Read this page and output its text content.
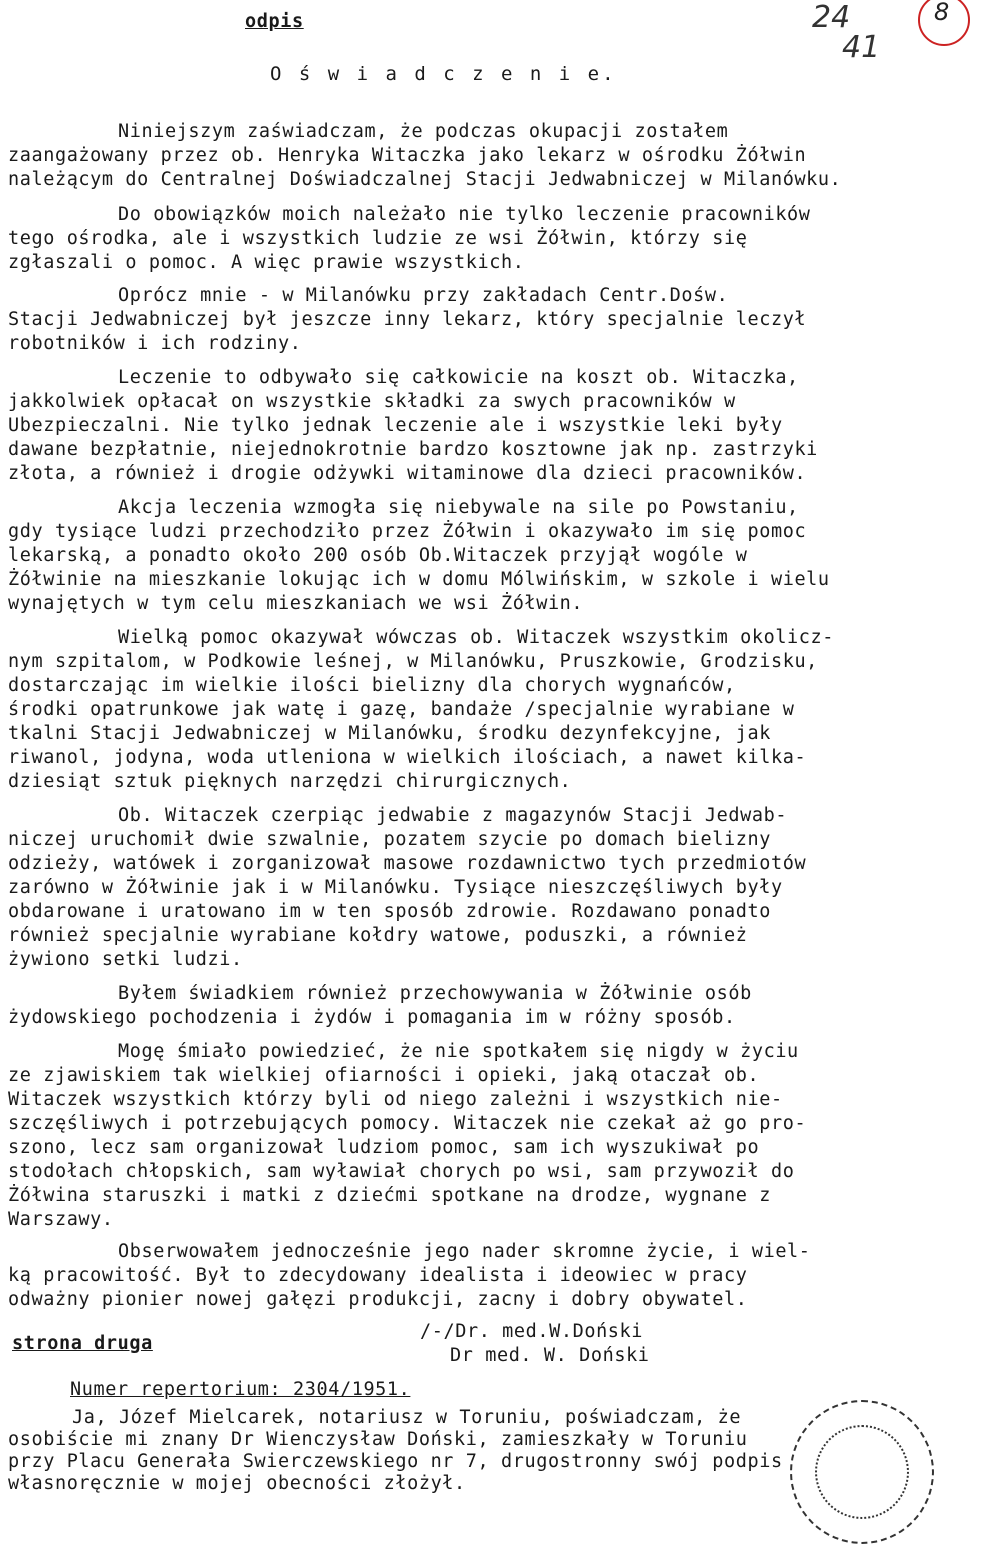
24
41
8
odpis
O ś w i a d c z e n i e.
Niniejszym zaświadczam, że podczas okupacji zostałem
zaangażowany przez ob. Henryka Witaczka jako lekarz w ośrodku Żółwin
należącym do Centralnej Doświadczalnej Stacji Jedwabniczej w Milanówku.
Do obowiązków moich należało nie tylko leczenie pracowników
tego ośrodka, ale i wszystkich ludzie ze wsi Żółwin, którzy się
zgłaszali o pomoc. A więc prawie wszystkich.
Oprócz mnie - w Milanówku przy zakładach Centr.Dośw.
Stacji Jedwabniczej był jeszcze inny lekarz, który specjalnie leczył
robotników i ich rodziny.
Leczenie to odbywało się całkowicie na koszt ob. Witaczka,
jakkolwiek opłacał on wszystkie składki za swych pracowników w
Ubezpieczalni. Nie tylko jednak leczenie ale i wszystkie leki były
dawane bezpłatnie, niejednokrotnie bardzo kosztowne jak np. zastrzyki
złota, a również i drogie odżywki witaminowe dla dzieci pracowników.
Akcja leczenia wzmogła się niebywale na sile po Powstaniu,
gdy tysiące ludzi przechodziło przez Żółwin i okazywało im się pomoc
lekarską, a ponadto około 200 osób Ob.Witaczek przyjął wogóle w
Żółwinie na mieszkanie lokując ich w domu Mólwińskim, w szkole i wielu
wynajętych w tym celu mieszkaniach we wsi Żółwin.
Wielką pomoc okazywał wówczas ob. Witaczek wszystkim okolicz-
nym szpitalom, w Podkowie leśnej, w Milanówku, Pruszkowie, Grodzisku,
dostarczając im wielkie ilości bielizny dla chorych wygnańców,
środki opatrunkowe jak watę i gazę, bandaże /specjalnie wyrabiane w
tkalni Stacji Jedwabniczej w Milanówku, środku dezynfekcyjne, jak
riwanol, jodyna, woda utleniona w wielkich ilościach, a nawet kilka-
dziesiąt sztuk pięknych narzędzi chirurgicznych.
Ob. Witaczek czerpiąc jedwabie z magazynów Stacji Jedwab-
niczej uruchomił dwie szwalnie, pozatem szycie po domach bielizny
odzieży, watówek i zorganizował masowe rozdawnictwo tych przedmiotów
zarówno w Żółwinie jak i w Milanówku. Tysiące nieszczęśliwych były
obdarowane i uratowano im w ten sposób zdrowie. Rozdawano ponadto
również specjalnie wyrabiane kołdry watowe, poduszki, a również
żywiono setki ludzi.
Byłem świadkiem również przechowywania w Żółwinie osób
żydowskiego pochodzenia i żydów i pomagania im w różny sposób.
Mogę śmiało powiedzieć, że nie spotkałem się nigdy w życiu
ze zjawiskiem tak wielkiej ofiarności i opieki, jaką otaczał ob.
Witaczek wszystkich którzy byli od niego zależni i wszystkich nie-
szczęśliwych i potrzebujących pomocy. Witaczek nie czekał aż go pro-
szono, lecz sam organizował ludziom pomoc, sam ich wyszukiwał po
stodołach chłopskich, sam wyławiał chorych po wsi, sam przywoził do
Żółwina staruszki i matki z dziećmi spotkane na drodze, wygnane z
Warszawy.
Obserwowałem jednocześnie jego nader skromne życie, i wiel-
ką pracowitość. Był to zdecydowany idealista i ideowiec w pracy
odważny pionier nowej gałęzi produkcji, zacny i dobry obywatel.
/-/Dr. med.W.Doński
Dr med. W. Doński
strona druga
Numer repertorium: 2304/1951.
Ja, Józef Mielcarek, notariusz w Toruniu, poświadczam, że
osobiście mi znany Dr Wienczysław Doński, zamieszkały w Toruniu
przy Placu Generała Swierczewskiego nr 7, drugostronny swój podpis
własnoręcznie w mojej obecności złożył.
